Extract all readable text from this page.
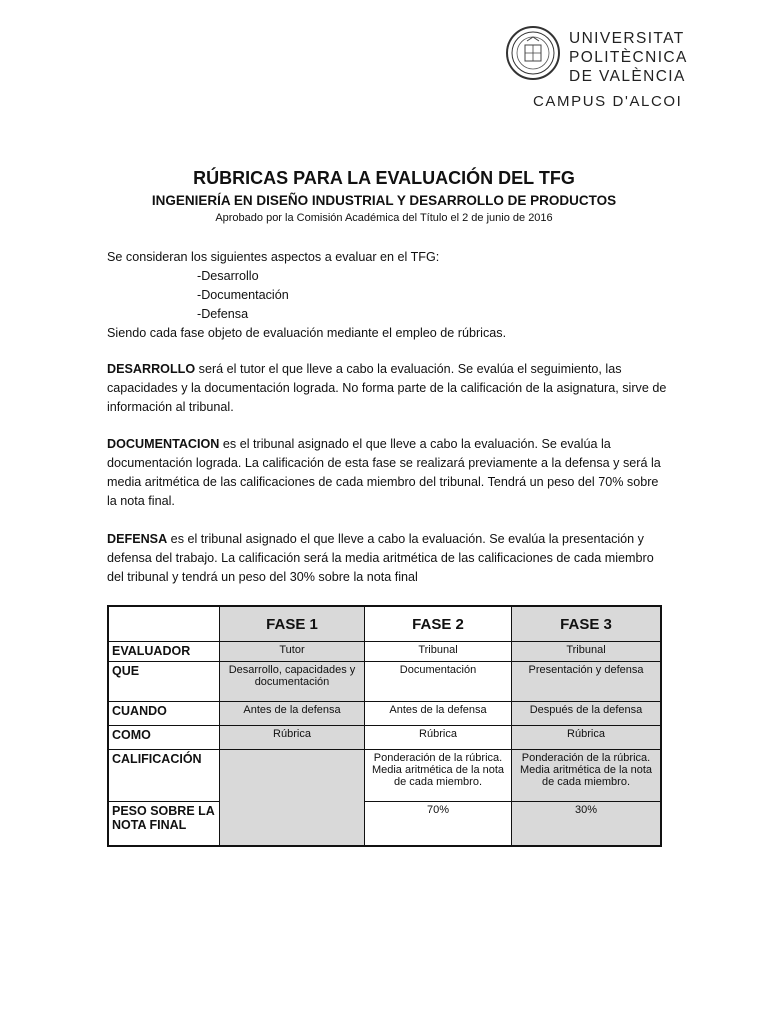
UNIVERSITAT
POLITÈCNICA
DE VALÈNCIA
CAMPUS D'ALCOI
RÚBRICAS PARA LA EVALUACIÓN DEL TFG
INGENIERÍA EN DISEÑO INDUSTRIAL Y DESARROLLO DE PRODUCTOS

Aprobado por la Comisión Académica del Título el 2 de junio de 2016

Se consideran los siguientes aspectos a evaluar en el TFG:

-Desarrollo

-Documentación

-Defensa

Siendo cada fase objeto de evaluación mediante el empleo de rúbricas.

DESARROLLO será el tutor el que lleve a cabo la evaluación. Se evalúa el seguimiento, las capacidades y la documentación lograda. No forma parte de la calificación de la asignatura, sirve de información al tribunal.

DOCUMENTACION es el tribunal asignado el que lleve a cabo la evaluación. Se evalúa la documentación lograda. La calificación de esta fase se realizará previamente a la defensa y será la media aritmética de las calificaciones de cada miembro del tribunal. Tendrá un peso del 70% sobre la nota final.

DEFENSA es el tribunal asignado el que lleve a cabo la evaluación. Se evalúa la presentación y defensa del trabajo. La calificación será la media aritmética de las calificaciones de cada miembro del tribunal y tendrá un peso del 30% sobre la nota final

	FASE 1	FASE 2	FASE 3
EVALUADOR	Tutor	Tribunal	Tribunal
QUE	Desarrollo, capacidades y documentación	Documentación	Presentación y defensa
CUANDO	Antes de la defensa	Antes de la defensa	Después de la defensa
COMO	Rúbrica	Rúbrica	Rúbrica
CALIFICACIÓN		Ponderación de la rúbrica. Media aritmética de la nota de cada miembro.	Ponderación de la rúbrica. Media aritmética de la nota de cada miembro.
PESO SOBRE LA NOTA FINAL		70%	30%
